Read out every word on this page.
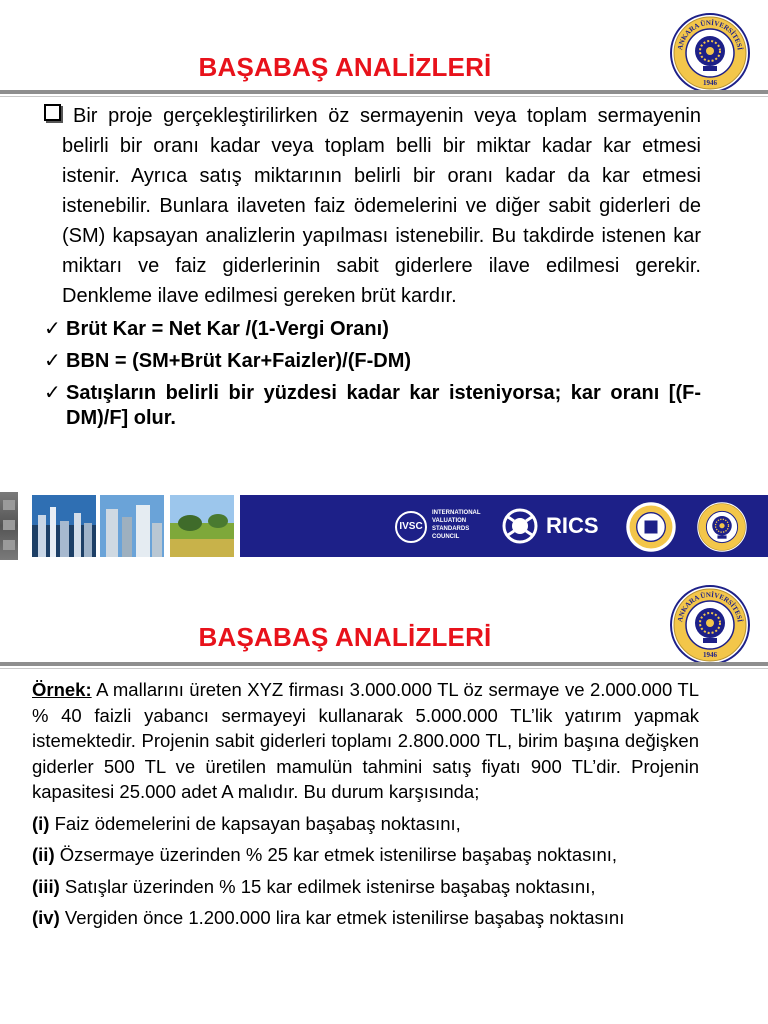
BAŞABAŞ ANALİZLERİ
ANKARA ÜNİVERSİTESİ
1946

Bir proje gerçekleştirilirken öz sermayenin veya toplam sermayenin belirli bir oranı kadar veya toplam belli bir miktar kadar kar etmesi istenir. Ayrıca satış miktarının belirli bir oranı kadar da kar etmesi istenebilir. Bunlara ilaveten faiz ödemelerini ve diğer sabit giderleri de (SM) kapsayan analizlerin yapılması istenebilir. Bu takdirde istenen kar miktarı ve faiz giderlerinin sabit giderlere ilave edilmesi gerekir. Denkleme ilave edilmesi gereken brüt kardır.

✓ Brüt Kar = Net Kar /(1-Vergi Oranı)
✓ BBN = (SM+Brüt Kar+Faizler)/(F-DM)
✓ Satışların belirli bir yüzdesi kadar kar isteniyorsa; kar oranı [(F-DM)/F] olur.
IVSC
INTERNATIONAL
VALUATION
STANDARDS
COUNCIL	RICS
BAŞABAŞ ANALİZLERİ
ANKARA ÜNİVERSİTESİ
1946

Örnek: A mallarını üreten XYZ firması 3.000.000 TL öz sermaye ve 2.000.000 TL % 40 faizli yabancı sermayeyi kullanarak 5.000.000 TL’lik yatırım yapmak istemektedir. Projenin sabit giderleri toplamı 2.800.000 TL, birim başına değişken giderler 500 TL ve üretilen mamulün tahmini satış fiyatı 900 TL’dir. Projenin kapasitesi 25.000 adet A malıdır. Bu durum karşısında;

(i) Faiz ödemelerini de kapsayan başabaş noktasını,

(ii) Özsermaye üzerinden % 25 kar etmek istenilirse başabaş noktasını,

(iii) Satışlar üzerinden % 15 kar edilmek istenirse başabaş noktasını,

(iv) Vergiden önce 1.200.000 lira kar etmek istenilirse başabaş noktasını
